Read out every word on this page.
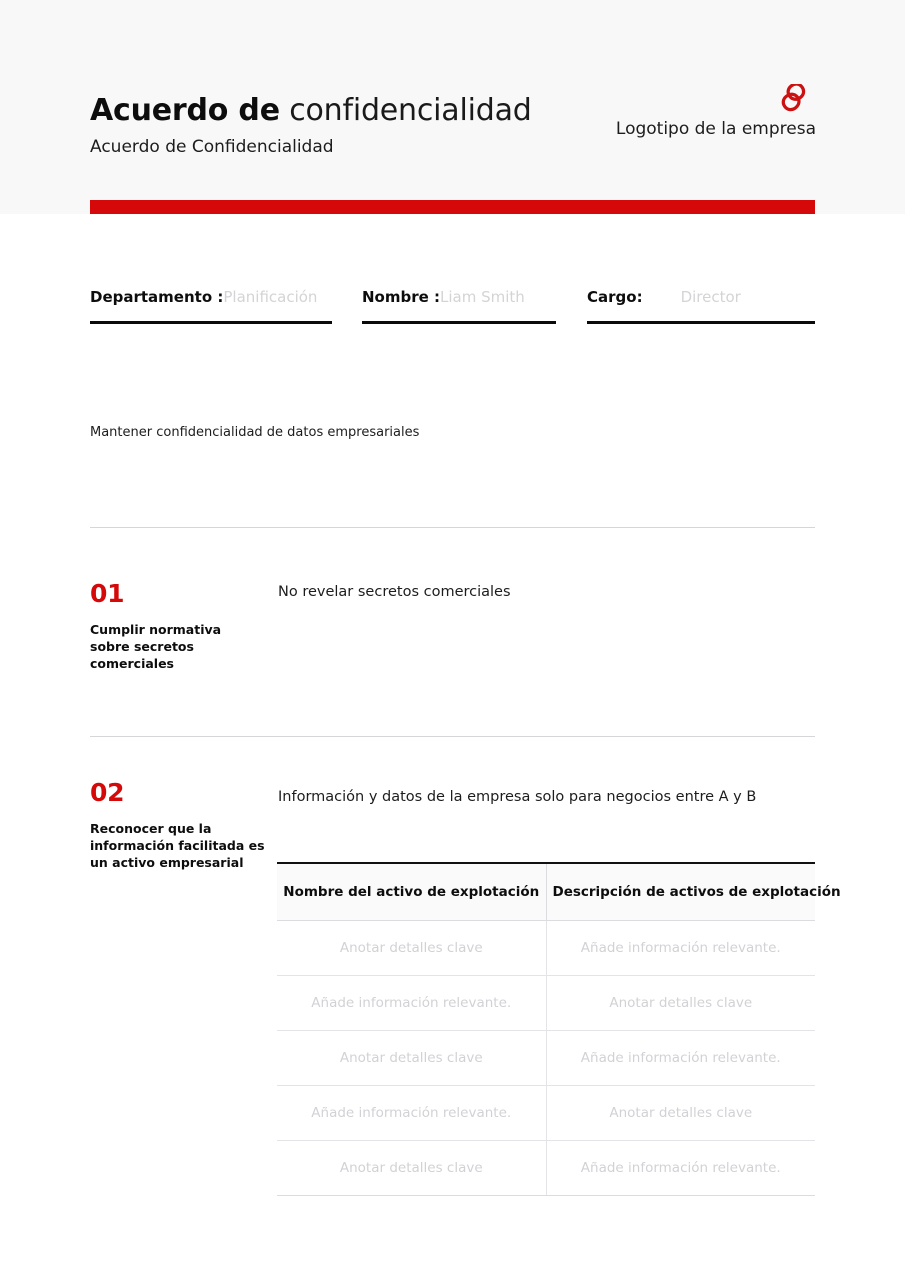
Acuerdo de confidencialidad
Acuerdo de Confidencialidad
Logotipo de la empresa
Departamento : Planificación	Nombre : Liam Smith	Cargo:	Director
Mantener confidencialidad de datos empresariales
01
Cumplir normativa sobre secretos comerciales
No revelar secretos comerciales
02
Reconocer que la información facilitada es un activo empresarial
Información y datos de la empresa solo para negocios entre A y B
Nombre del activo de explotación	Descripción de activos de explotación
Anotar detalles clave	Añade información relevante.
Añade información relevante.	Anotar detalles clave
Anotar detalles clave	Añade información relevante.
Añade información relevante.	Anotar detalles clave
Anotar detalles clave	Añade información relevante.
